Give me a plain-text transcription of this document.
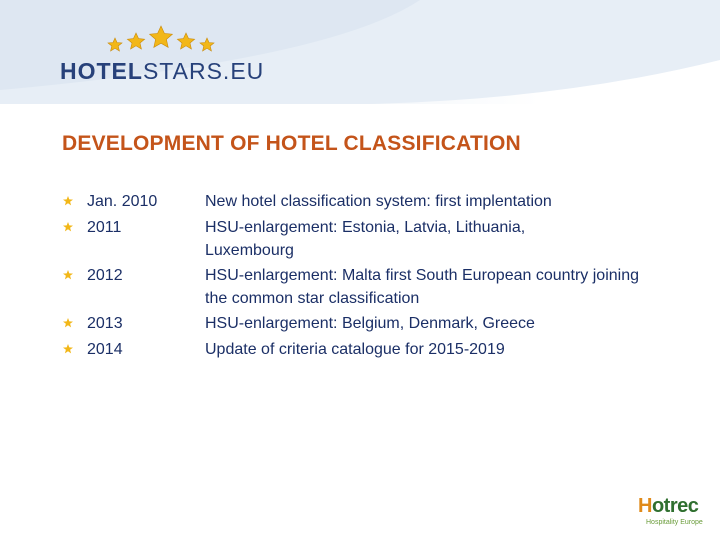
HOTELSTARS.EU
DEVELOPMENT OF HOTEL CLASSIFICATION
Jan. 2010	New hotel classification system: first implentation
2011	HSU-enlargement: Estonia, Latvia, Lithuania, Luxembourg
2012	HSU-enlargement: Malta first South European country joining the common star classification
2013	HSU-enlargement: Belgium, Denmark, Greece
2014	Update of criteria catalogue for 2015-2019
Hotrec
Hospitality Europe
